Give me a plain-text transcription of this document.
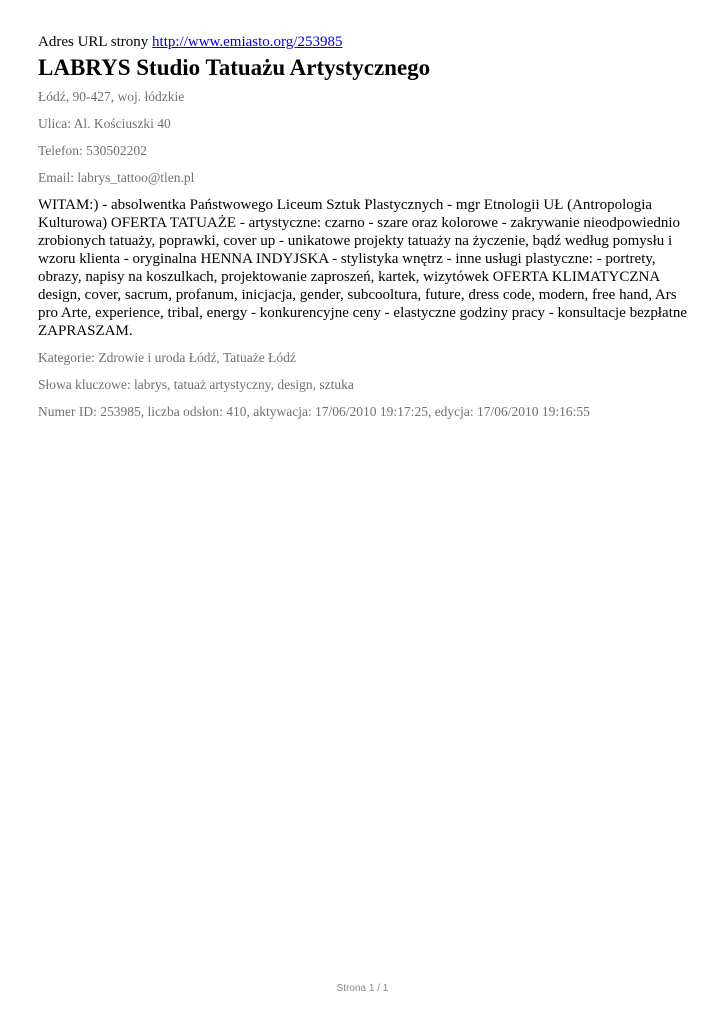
Adres URL strony http://www.emiasto.org/253985

LABRYS Studio Tatuażu Artystycznego

Łódź, 90-427, woj. łódzkie

Ulica: Al. Kościuszki 40

Telefon: 530502202

Email: labrys_tattoo@tlen.pl

WITAM:) - absolwentka Państwowego Liceum Sztuk Plastycznych - mgr Etnologii UŁ (Antropologia Kulturowa) OFERTA TATUAŻE - artystyczne: czarno - szare oraz kolorowe - zakrywanie nieodpowiednio zrobionych tatuaży, poprawki, cover up - unikatowe projekty tatuaży na życzenie, bądź według pomysłu i wzoru klienta - oryginalna HENNA INDYJSKA - stylistyka wnętrz - inne usługi plastyczne: - portrety, obrazy, napisy na koszulkach, projektowanie zaproszeń, kartek, wizytówek OFERTA KLIMATYCZNA design, cover, sacrum, profanum, inicjacja, gender, subcooltura, future, dress code, modern, free hand, Ars pro Arte, experience, tribal, energy - konkurencyjne ceny - elastyczne godziny pracy - konsultacje bezpłatne ZAPRASZAM.

Kategorie: Zdrowie i uroda Łódź, Tatuaże Łódź

Słowa kluczowe: labrys, tatuaż artystyczny, design, sztuka

Numer ID: 253985, liczba odsłon: 410, aktywacja: 17/06/2010 19:17:25, edycja: 17/06/2010 19:16:55

Strona 1 / 1
